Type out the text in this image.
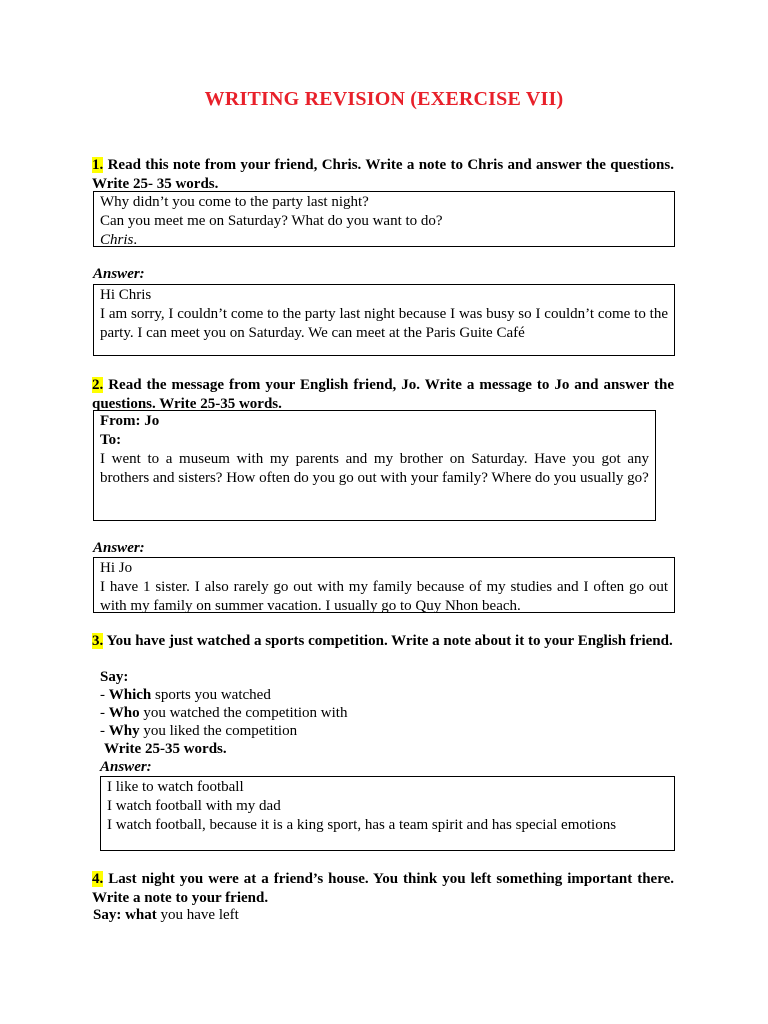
WRITING REVISION (EXERCISE VII)
1. Read this note from your friend, Chris. Write a note to Chris and answer the questions. Write 25- 35 words.
Why didn’t you come to the party last night?
Can you meet me on Saturday? What do you want to do?
Chris.
Answer:
Hi Chris
I am sorry, I couldn’t come to the party last night because I was busy so I couldn’t come to the party. I can meet you on Saturday. We can meet at the Paris Guite Café
2. Read the message from your English friend, Jo. Write a message to Jo and answer the questions. Write 25-35 words.
From: Jo
To:
I went to a museum with my parents and my brother on Saturday. Have you got any brothers and sisters? How often do you go out with your family? Where do you usually go?
Answer:
Hi Jo
I have 1 sister. I also rarely go out with my family because of my studies and I often go out with my family on summer vacation. I usually go to Quy Nhon beach.
3. You have just watched a sports competition. Write a note about it to your English friend.
Say:
- Which sports you watched
- Who you watched the competition with
- Why you liked the competition
Write 25-35 words.
Answer:
I like to watch football
I watch football with my dad
I watch football, because it is a king sport, has a team spirit and has special emotions
4. Last night you were at a friend’s house. You think you left something important there. Write a note to your friend.
Say: what you have left
